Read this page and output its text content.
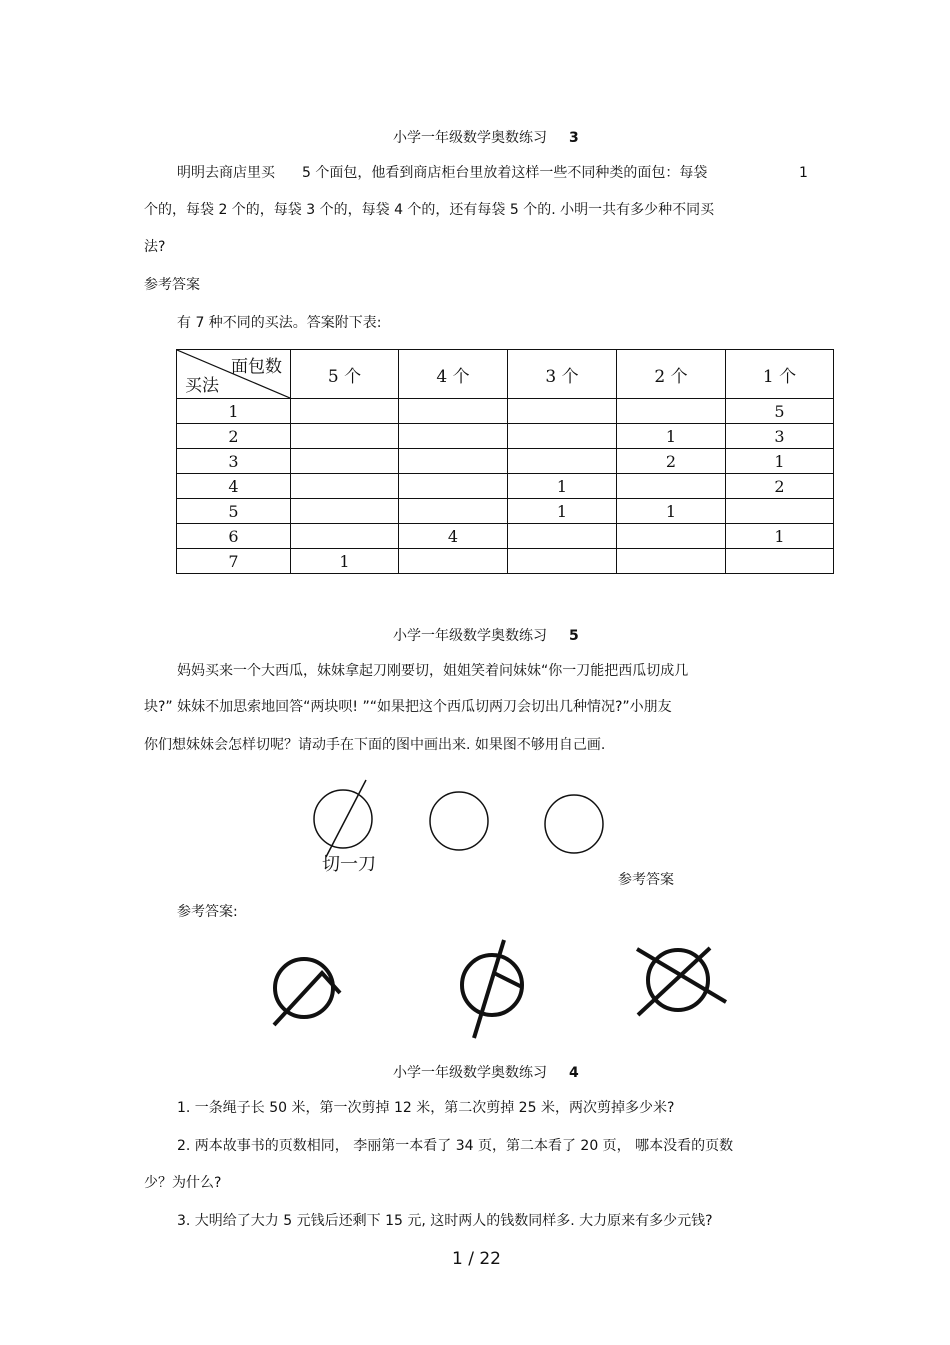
小学一年级数学奥数练习 3
明明去商店里买 5 个面包，他看到商店柜台里放着这样一些不同种类的面包：每袋	1
个的，每袋 2 个的，每袋 3 个的，每袋 4 个的，还有每袋 5 个的. 小明一共有多少种不同买
法?
参考答案
有 7 种不同的买法。答案附下表:
面包数
买法	5 个	4 个	3 个	2 个	1 个
1					5
2				1	3
3				2	1
4			1		2
5			1	1	
6		4			1
7	1				
小学一年级数学奥数练习 5
妈妈买来一个大西瓜，妹妹拿起刀刚要切，姐姐笑着问妹妹“你一刀能把西瓜切成几
块?” 妹妹不加思索地回答“两块呗! ”“如果把这个西瓜切两刀会切出几种情况?”小朋友
你们想妹妹会怎样切呢？请动手在下面的图中画出来. 如果图不够用自己画.
切一刀
参考答案
参考答案:
小学一年级数学奥数练习 4
1. 一条绳子长 50 米，第一次剪掉 12 米，第二次剪掉 25 米，两次剪掉多少米?
2. 两本故事书的页数相同， 李丽第一本看了 34 页，第二本看了 20 页， 哪本没看的页数
少？为什么?
3. 大明给了大力 5 元钱后还剩下 15 元, 这时两人的钱数同样多. 大力原来有多少元钱?
1 / 22
